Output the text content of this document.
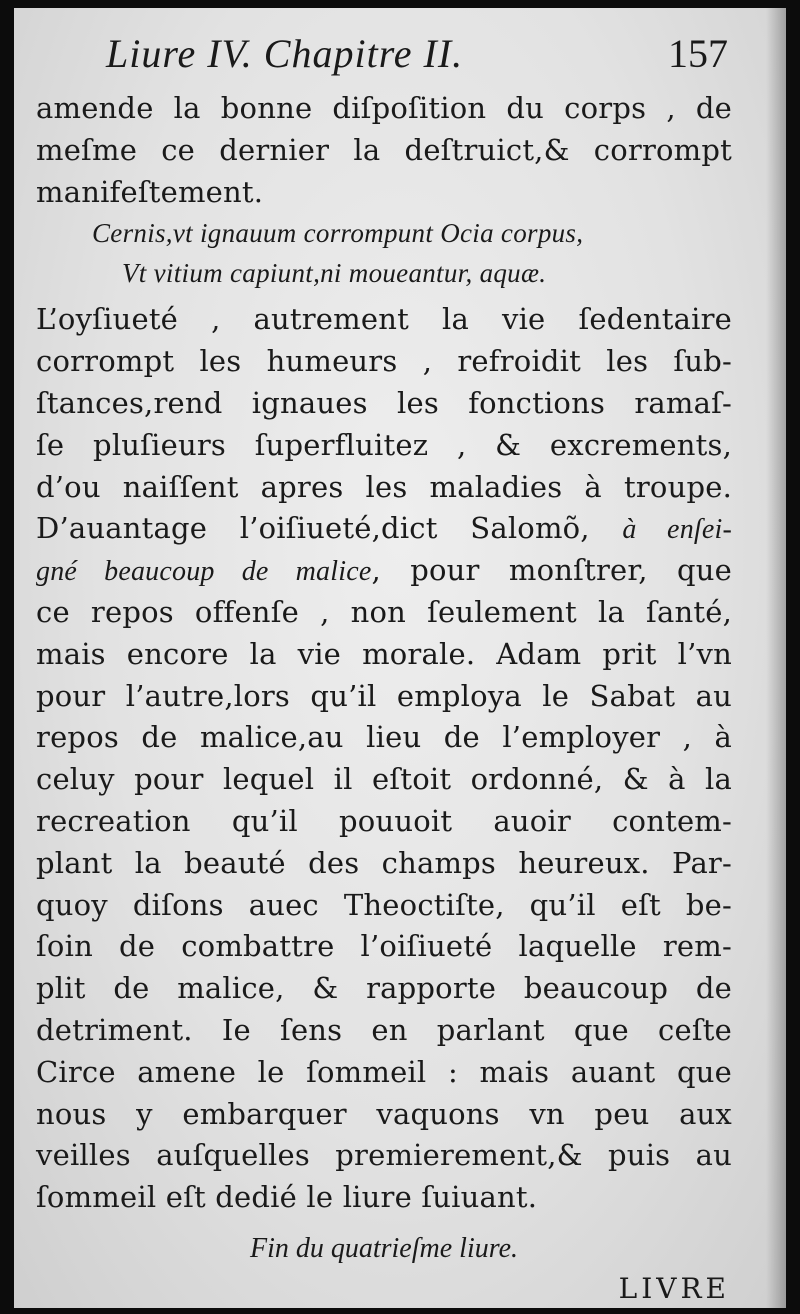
Liure IV. Chapitre II.	157
amende la bonne diſpoſition du corps , de
meſme ce dernier la deſtruict,& corrompt
manifeſtement.
Cernis,vt ignauum corrompunt Ocia corpus,
Vt vitium capiunt,ni moueantur, aquæ.
L’oyſiueté , autrement la vie ſedentaire
corrompt les humeurs , refroidit les ſub-
ſtances,rend ignaues les fonctions ramaſ-
ſe pluſieurs ſuperfluitez , & excrements,
d’ou naiſſent apres les maladies à troupe.
D’auantage l’oiſiueté,dict Salomõ, à enſei-
gné beaucoup de malice, pour monſtrer, que
ce repos offenſe , non ſeulement la ſanté,
mais encore la vie morale. Adam prit l’vn
pour l’autre,lors qu’il employa le Sabat au
repos de malice,au lieu de l’employer , à
celuy pour lequel il eſtoit ordonné, & à la
recreation qu’il pouuoit auoir contem-
plant la beauté des champs heureux. Par-
quoy diſons auec Theoctiſte, qu’il eſt be-
ſoin de combattre l’oiſiueté laquelle rem-
plit de malice, & rapporte beaucoup de
detriment. Ie ſens en parlant que ceſte
Circe amene le ſommeil : mais auant que
nous y embarquer vaquons vn peu aux
veilles auſquelles premierement,& puis au
ſommeil eſt dedié le liure ſuiuant.
Fin du quatrieſme liure.
LIVRE
